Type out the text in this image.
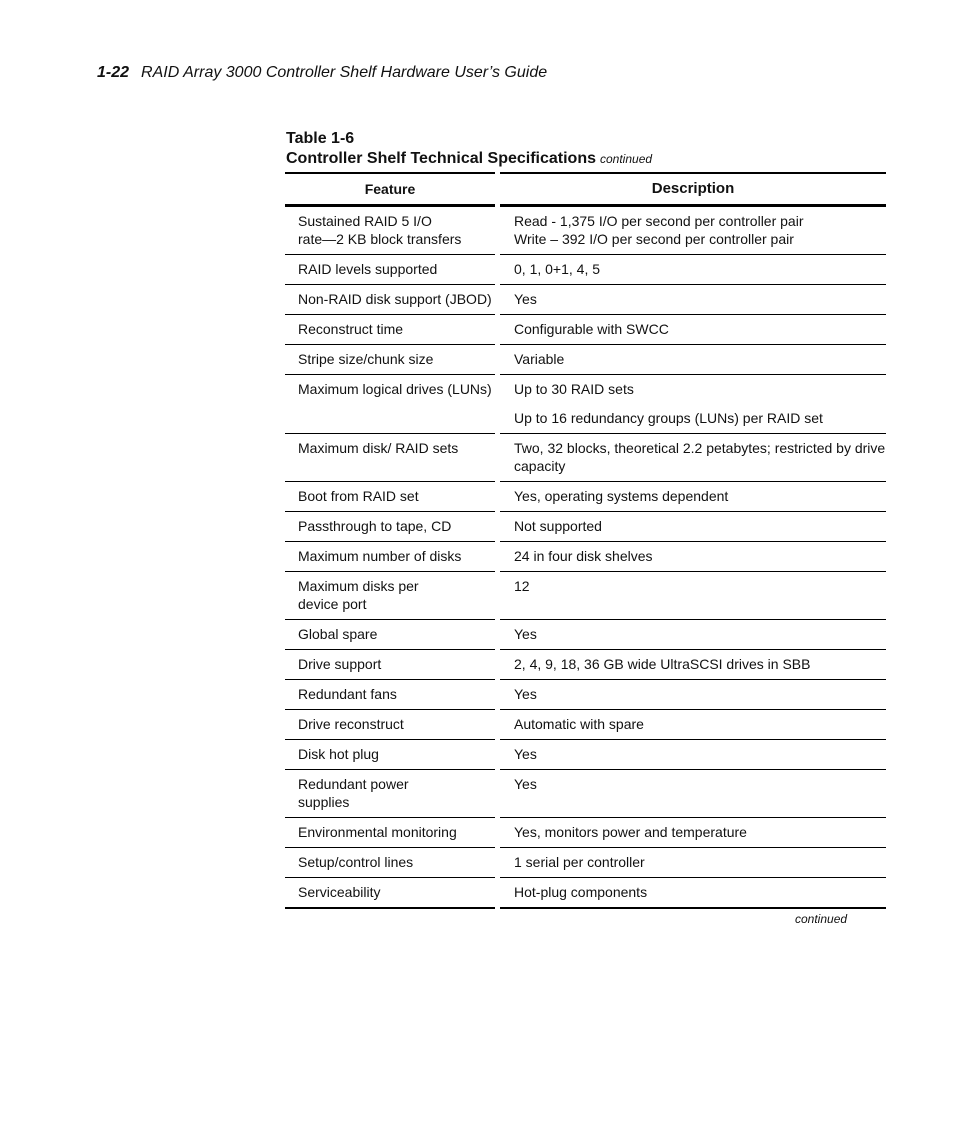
1-22 RAID Array 3000 Controller Shelf Hardware User’s Guide
Table 1-6
Controller Shelf Technical Specifications continued
Feature		Description
Sustained RAID 5 I/O
rate—2 KB block transfers		Read - 1,375 I/O per second per controller pair
Write – 392 I/O per second per controller pair

RAID levels supported		0, 1, 0+1, 4, 5

Non-RAID disk support (JBOD)		Yes

Reconstruct time		Configurable with SWCC

Stripe size/chunk size		Variable

Maximum logical drives (LUNs)		Up to 30 RAID sets
Up to 16 redundancy groups (LUNs) per RAID set

Maximum disk/ RAID sets		Two, 32 blocks, theoretical 2.2 petabytes; restricted by drive
capacity

Boot from RAID set		Yes, operating systems dependent

Passthrough to tape, CD		Not supported

Maximum number of disks		24 in four disk shelves

Maximum disks per
device port		12

Global spare		Yes

Drive support		2, 4, 9, 18, 36 GB wide UltraSCSI drives in SBB

Redundant fans		Yes

Drive reconstruct		Automatic with spare

Disk hot plug		Yes

Redundant power
supplies		Yes

Environmental monitoring		Yes, monitors power and temperature

Setup/control lines		1 serial per controller

Serviceability		Hot-plug components
continued
